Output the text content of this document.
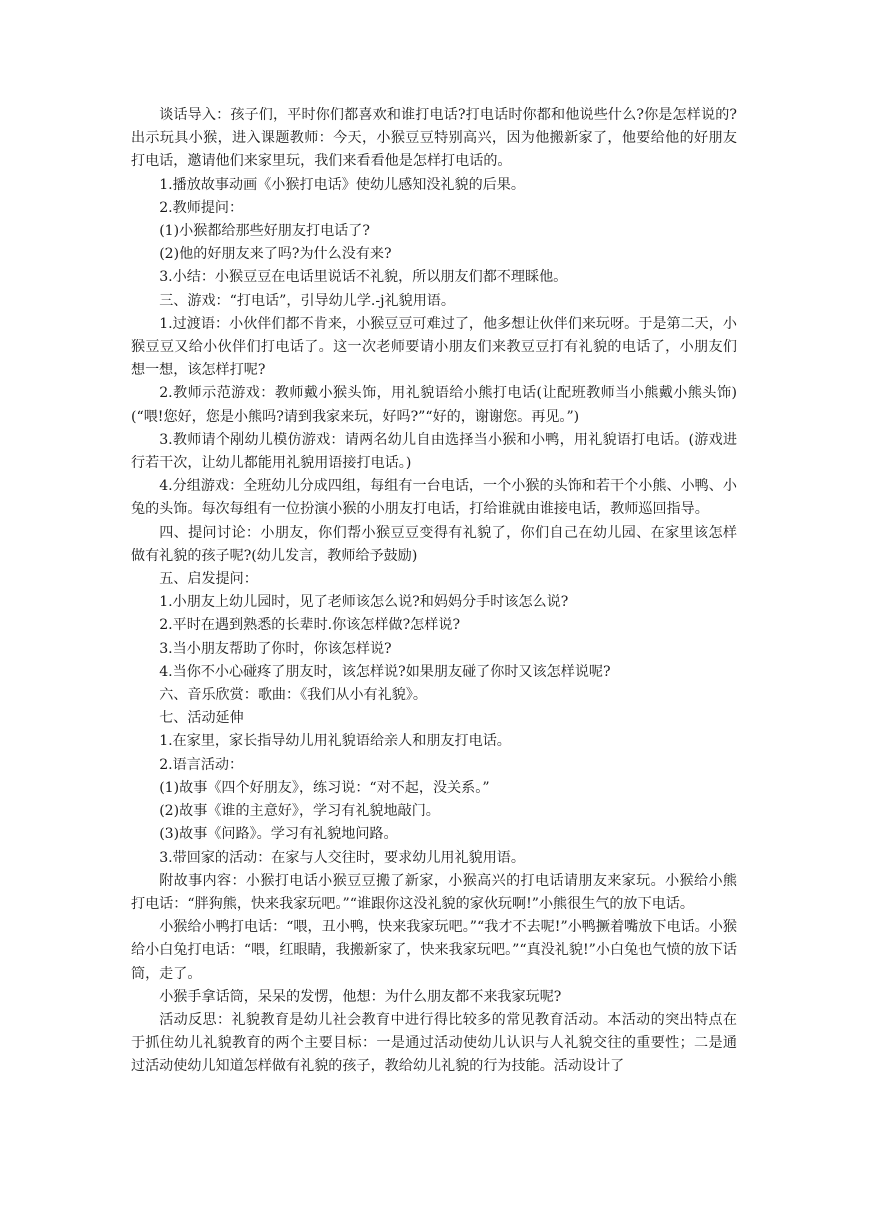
谈话导入：孩子们，平时你们都喜欢和谁打电话?打电话时你都和他说些什么?你是怎样说的?出示玩具小猴，进入课题教师：今天，小猴豆豆特别高兴，因为他搬新家了，他要给他的好朋友打电话，邀请他们来家里玩，我们来看看他是怎样打电话的。

1.播放故事动画《小猴打电话》使幼儿感知没礼貌的后果。

2.教师提问：

(1)小猴都给那些好朋友打电话了?

(2)他的好朋友来了吗?为什么没有来?

3.小结：小猴豆豆在电话里说话不礼貌，所以朋友们都不理睬他。

三、游戏：“打电话”，引导幼儿学.-j礼貌用语。

1.过渡语：小伙伴们都不肯来，小猴豆豆可难过了，他多想让伙伴们来玩呀。于是第二天，小猴豆豆又给小伙伴们打电话了。这一次老师要请小朋友们来教豆豆打有礼貌的电话了，小朋友们想一想，该怎样打呢?

2.教师示范游戏：教师戴小猴头饰，用礼貌语给小熊打电话(让配班教师当小熊戴小熊头饰)(“喂!您好，您是小熊吗?请到我家来玩，好吗?”“好的，谢谢您。再见。”)

3.教师请个剐幼儿模仿游戏：请两名幼儿自由选择当小猴和小鸭，用礼貌语打电话。(游戏进行若干次，让幼儿都能用礼貌用语接打电话。)

4.分组游戏：全班幼儿分成四组，每组有一台电话，一个小猴的头饰和若干个小熊、小鸭、小兔的头饰。每次每组有一位扮演小猴的小朋友打电话，打给谁就由谁接电话，教师巡回指导。

四、提问讨论：小朋友，你们帮小猴豆豆变得有礼貌了，你们自己在幼儿园、在家里该怎样做有礼貌的孩子呢?(幼儿发言，教师给予鼓励)

五、启发提问：

1.小朋友上幼儿园时，见了老师该怎么说?和妈妈分手时该怎么说?

2.平时在遇到熟悉的长辈时.你该怎样做?怎样说?

3.当小朋友帮助了你时，你该怎样说?

4.当你不小心碰疼了朋友时，该怎样说?如果朋友碰了你时又该怎样说呢?

六、音乐欣赏：歌曲：《我们从小有礼貌》。

七、活动延伸

1.在家里，家长指导幼儿用礼貌语给亲人和朋友打电话。

2.语言活动：

(1)故事《四个好朋友》，练习说：“对不起，没关系。”

(2)故事《谁的主意好》，学习有礼貌地敲门。

(3)故事《问路》。学习有礼貌地问路。

3.带回家的活动：在家与人交往时，要求幼儿用礼貌用语。

附故事内容：小猴打电话小猴豆豆搬了新家，小猴高兴的打电话请朋友来家玩。小猴给小熊打电话：“胖狗熊，快来我家玩吧。”“谁跟你这没礼貌的家伙玩啊!”小熊很生气的放下电话。

小猴给小鸭打电话：“喂，丑小鸭，快来我家玩吧。”“我才不去呢!”小鸭撅着嘴放下电话。小猴给小白兔打电话：“喂，红眼睛，我搬新家了，快来我家玩吧。”“真没礼貌!”小白兔也气愤的放下话筒，走了。

小猴手拿话筒，呆呆的发愣，他想：为什么朋友都不来我家玩呢?

活动反思：礼貌教育是幼儿社会教育中进行得比较多的常见教育活动。本活动的突出特点在于抓住幼儿礼貌教育的两个主要目标：一是通过活动使幼儿认识与人礼貌交往的重要性；二是通过活动使幼儿知道怎样做有礼貌的孩子，教给幼儿礼貌的行为技能。活动设计了
